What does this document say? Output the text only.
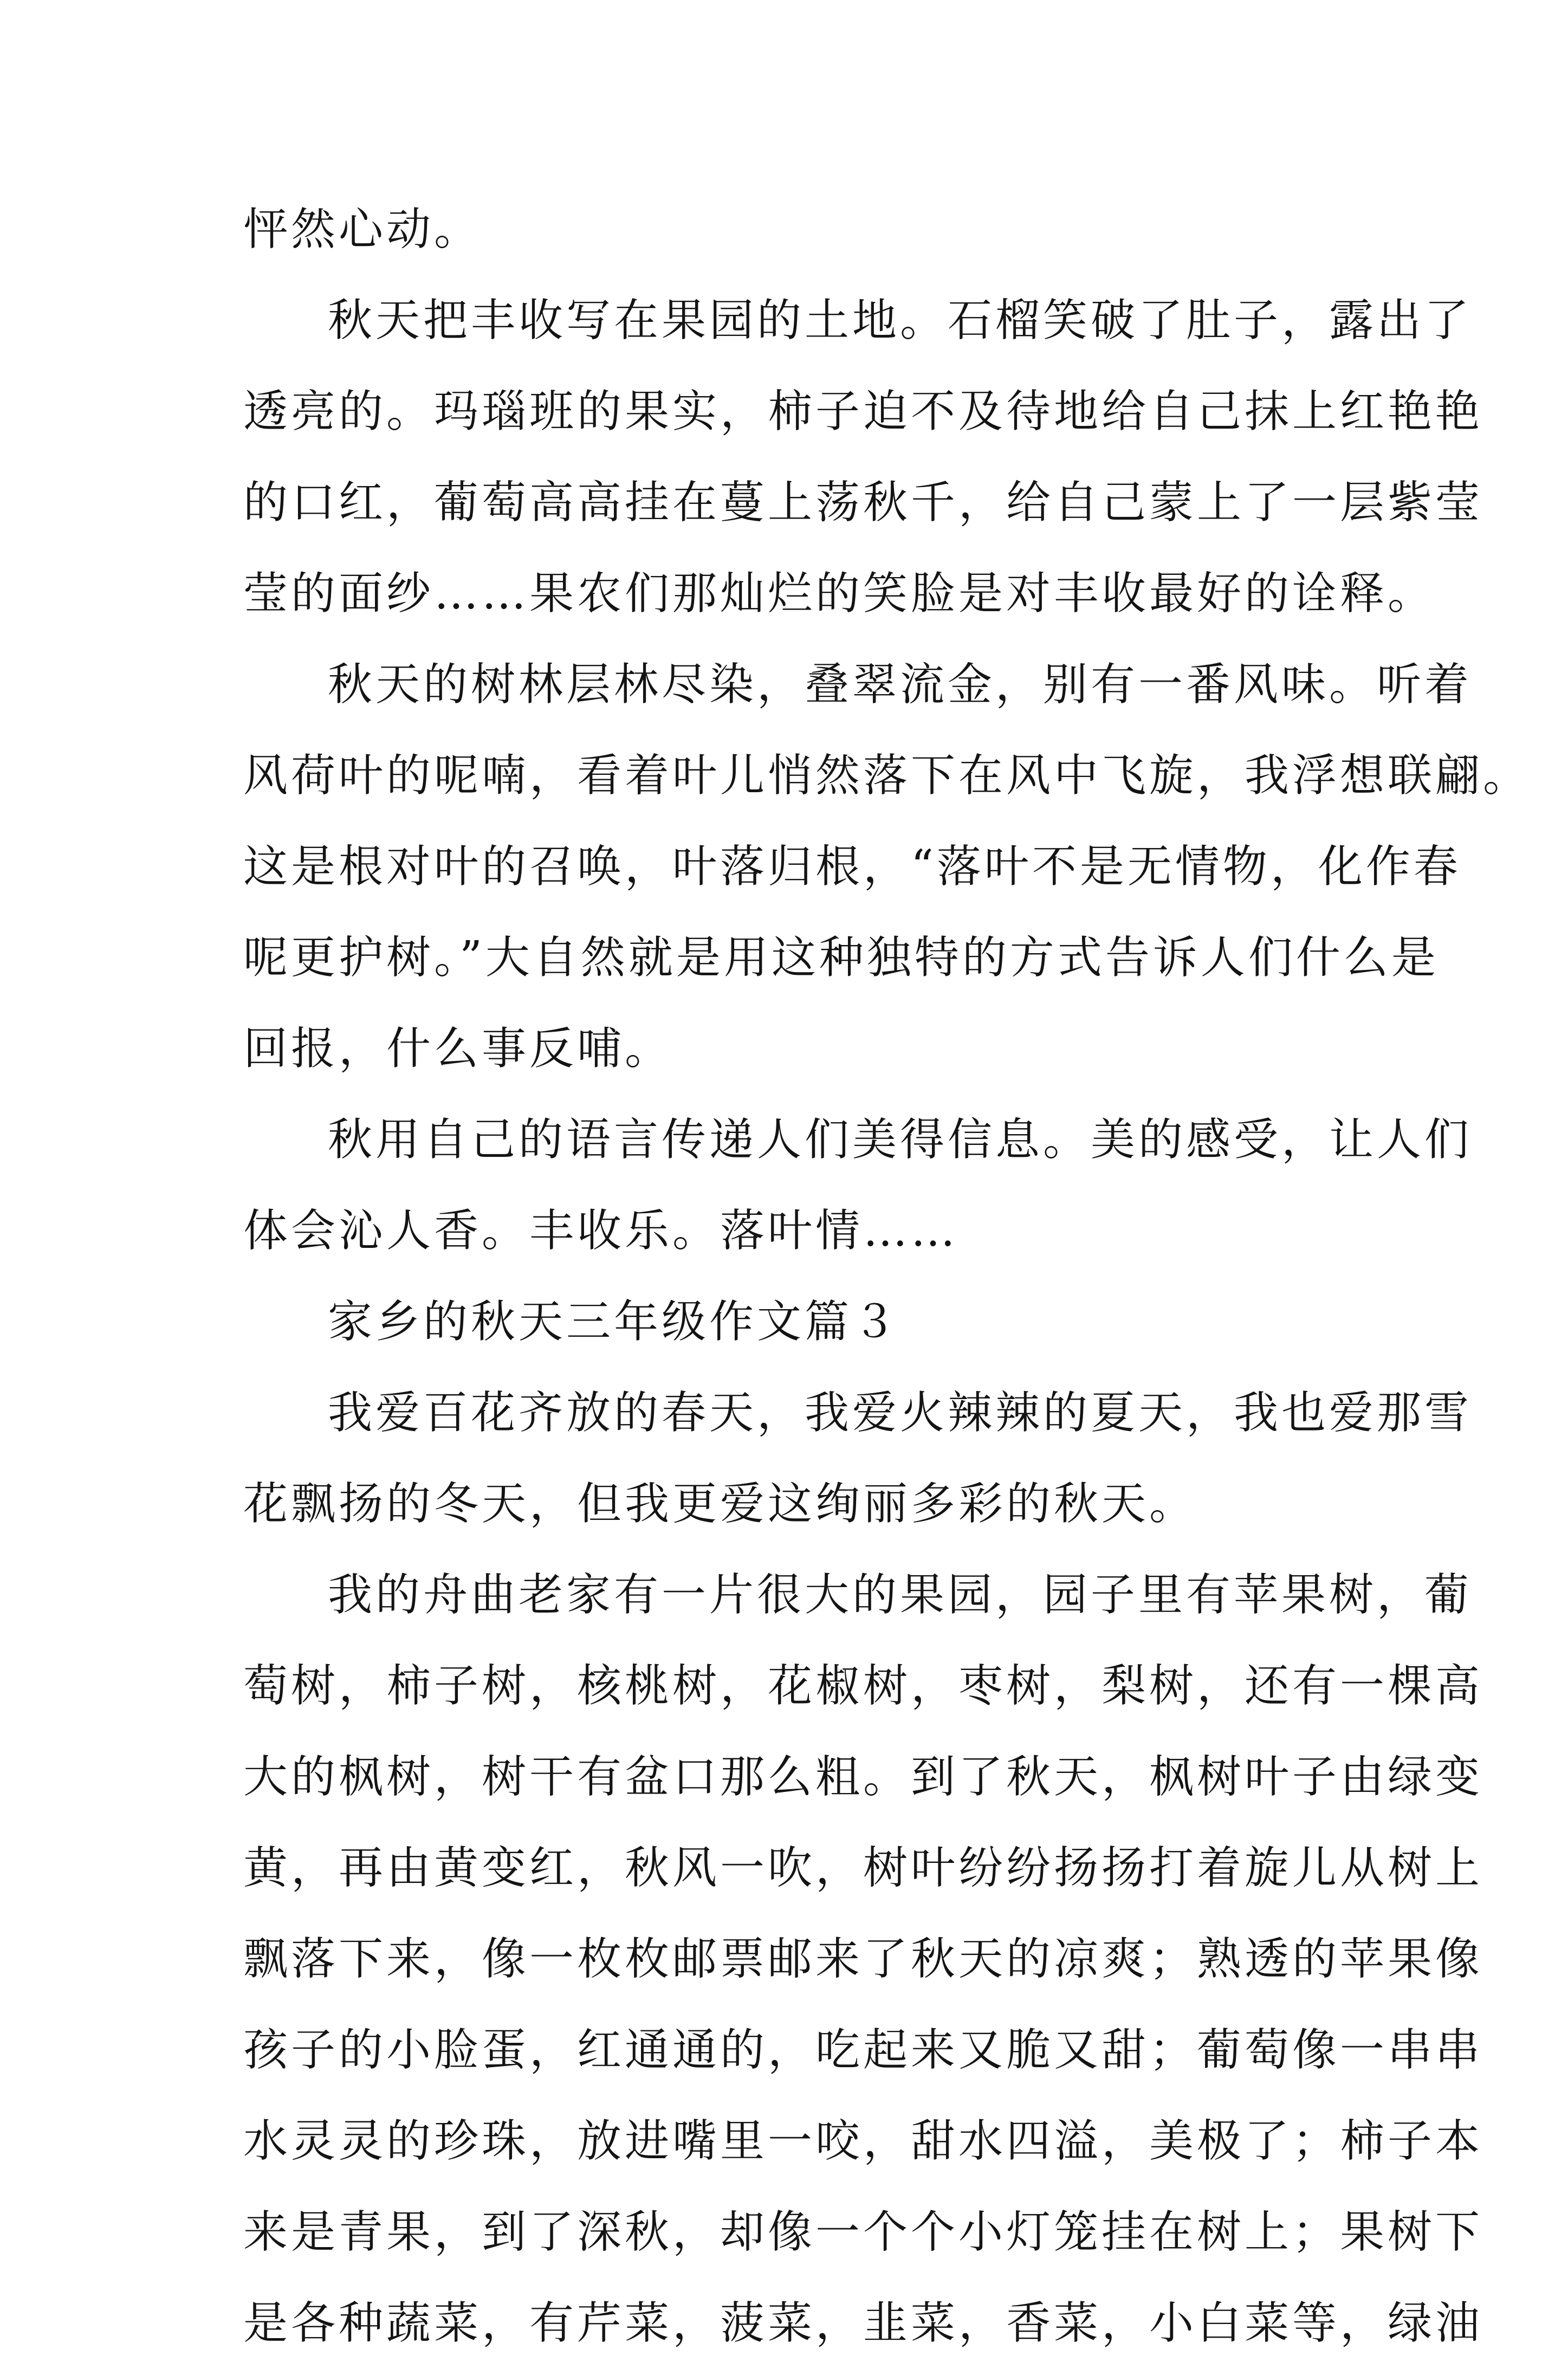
怦然心动。
秋天把丰收写在果园的土地。石榴笑破了肚子，露出了
透亮的。玛瑙班的果实，柿子迫不及待地给自己抹上红艳艳
的口红，葡萄高高挂在蔓上荡秋千，给自己蒙上了一层紫莹
莹的面纱……果农们那灿烂的笑脸是对丰收最好的诠释。
秋天的树林层林尽染，叠翠流金，别有一番风味。听着
风荷叶的呢喃，看着叶儿悄然落下在风中飞旋，我浮想联翩。
这是根对叶的召唤，叶落归根，“落叶不是无情物，化作春
呢更护树。”大自然就是用这种独特的方式告诉人们什么是
回报，什么事反哺。
秋用自己的语言传递人们美得信息。美的感受，让人们
体会沁人香。丰收乐。落叶情……
家乡的秋天三年级作文篇３
我爱百花齐放的春天，我爱火辣辣的夏天，我也爱那雪
花飘扬的冬天，但我更爱这绚丽多彩的秋天。
我的舟曲老家有一片很大的果园，园子里有苹果树，葡
萄树，柿子树，核桃树，花椒树，枣树，梨树，还有一棵高
大的枫树，树干有盆口那么粗。到了秋天，枫树叶子由绿变
黄，再由黄变红，秋风一吹，树叶纷纷扬扬打着旋儿从树上
飘落下来，像一枚枚邮票邮来了秋天的凉爽；熟透的苹果像
孩子的小脸蛋，红通通的，吃起来又脆又甜；葡萄像一串串
水灵灵的珍珠，放进嘴里一咬，甜水四溢，美极了；柿子本
来是青果，到了深秋，却像一个个小灯笼挂在树上；果树下
是各种蔬菜，有芹菜，菠菜，韭菜，香菜，小白菜等，绿油
